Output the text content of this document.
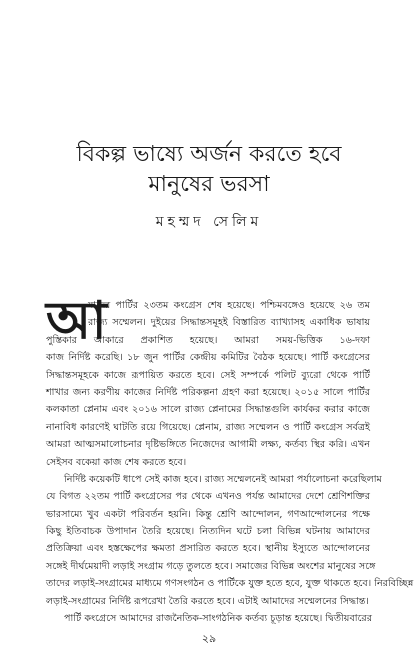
বিকল্প ভাষ্যে অর্জন করতে হবে
মানুষের ভরসা
মহম্মদ সেলিম
আ
মাদের পার্টির ২৩তম কংগ্রেস শেষ হয়েছে। পশ্চিমবঙ্গেও হয়েছে ২৬ তম
রাজ্য সম্মেলন। দুইয়ের সিদ্ধান্তসমূহই বিস্তারিত ব্যাখ্যাসহ একাধিক ভাষায়
পুস্তিকার আকারে প্রকাশিত হয়েছে। আমরা সময়-ভিত্তিক ১৬-দফা
কাজ নির্দিষ্ট করেছি। ১৮ জুন পার্টির কেন্দ্রীয় কমিটির বৈঠক হয়েছে। পার্টি কংগ্রেসের
সিদ্ধান্তসমূহকে কাজে রূপায়িত করতে হবে। সেই সম্পর্কে পলিট ব্যুরো থেকে পার্টি
শাখার জন্য করণীয় কাজের নির্দিষ্ট পরিকল্পনা গ্রহণ করা হয়েছে। ২০১৫ সালে পার্টির
কলকাতা প্লেনাম এবং ২০১৬ সালে রাজ্য প্লেনামের সিদ্ধান্তগুলি কার্যকর করার কাজে
নানাবিধ কারণেই ঘাটতি রয়ে গিয়েছে। প্লেনাম, রাজ্য সম্মেলন ও পার্টি কংগ্রেস সর্বত্রই
আমরা আত্মসমালোচনার দৃষ্টিভঙ্গিতে নিজেদের আগামী লক্ষ্য, কর্তব্য স্থির করি। এখন
সেইসব বকেয়া কাজ শেষ করতে হবে।
নির্দিষ্ট কয়েকটি ধাপে সেই কাজ হবে। রাজ্য সম্মেলনেই আমরা পর্যালোচনা করেছিলাম
যে বিগত ২২তম পার্টি কংগ্রেসের পর থেকে এখনও পর্যন্ত আমাদের দেশে শ্রেণিশক্তির
ভারসাম্যে খুব একটা পরিবর্তন হয়নি। কিন্তু শ্রেণি আন্দোলন, গণআন্দোলনের পক্ষে
কিছু ইতিবাচক উপাদান তৈরি হয়েছে। নিত্যদিন ঘটে চলা বিভিন্ন ঘটনায় আমাদের
প্রতিক্রিয়া এবং হস্তক্ষেপের ক্ষমতা প্রসারিত করতে হবে। স্থানীয় ইস্যুতে আন্দোলনের
সঙ্গেই দীর্ঘমেয়াদী লড়াই সংগ্রাম গড়ে তুলতে হবে। সমাজের বিভিন্ন অংশের মানুষের সঙ্গে
তাদের লড়াই-সংগ্রামের মাধ্যমে গণসংগঠন ও পার্টিকে যুক্ত হতে হবে, যুক্ত থাকতে হবে। নিরবিচ্ছিন্ন
লড়াই-সংগ্রামের নির্দিষ্ট রূপরেখা তৈরি করতে হবে। এটাই আমাদের সম্মেলনের সিদ্ধান্ত।
পার্টি কংগ্রেসে আমাদের রাজনৈতিক-সাংগঠনিক কর্তব্য চূড়ান্ত হয়েছে। দ্বিতীয়বারের
২৯
